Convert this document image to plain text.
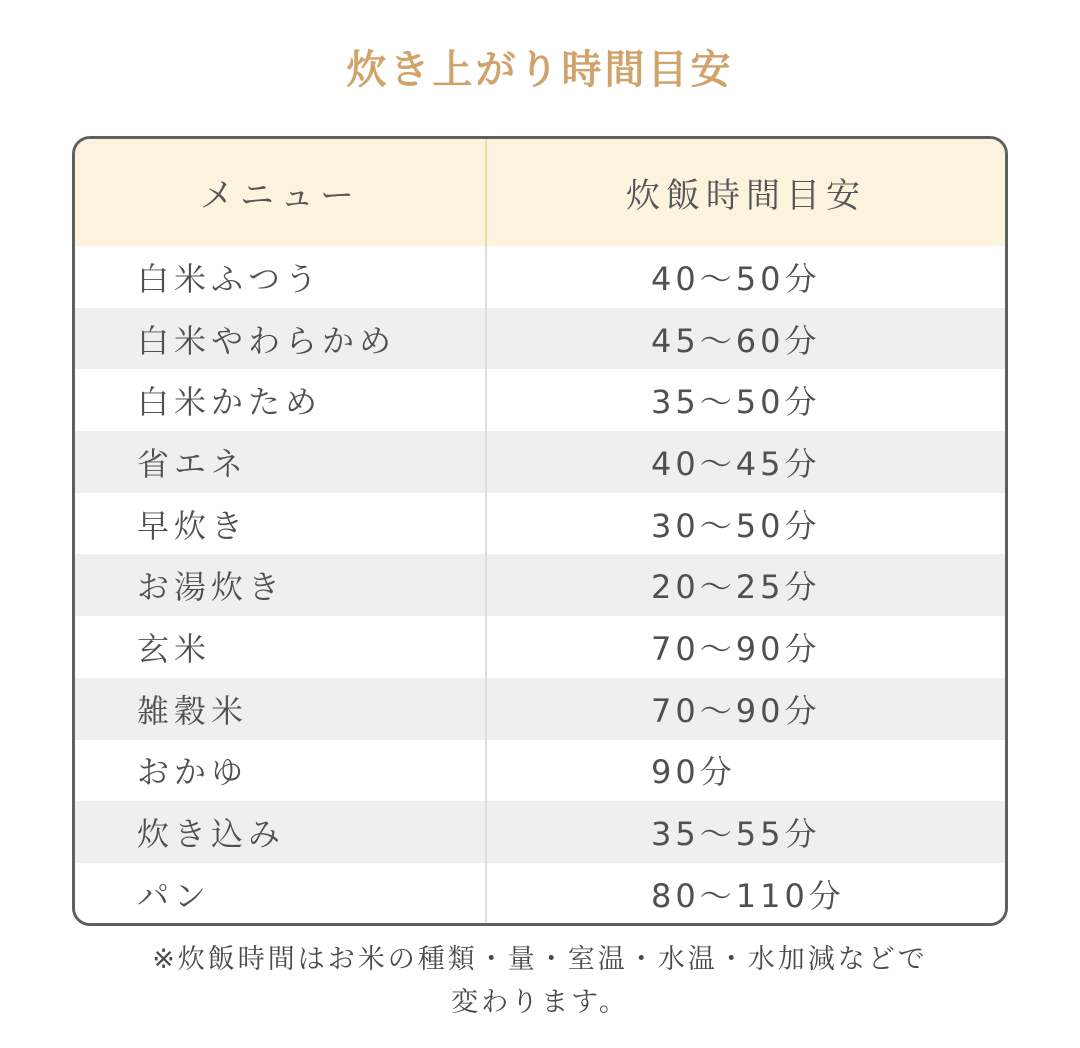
炊き上がり時間目安
メニュー	炊飯時間目安
白米ふつう	40～50分
白米やわらかめ	45～60分
白米かため	35～50分
省エネ	40～45分
早炊き	30～50分
お湯炊き	20～25分
玄米	70～90分
雑穀米	70～90分
おかゆ	90分
炊き込み	35～55分
パン	80～110分
※炊飯時間はお米の種類・量・室温・水温・水加減などで
変わります。
